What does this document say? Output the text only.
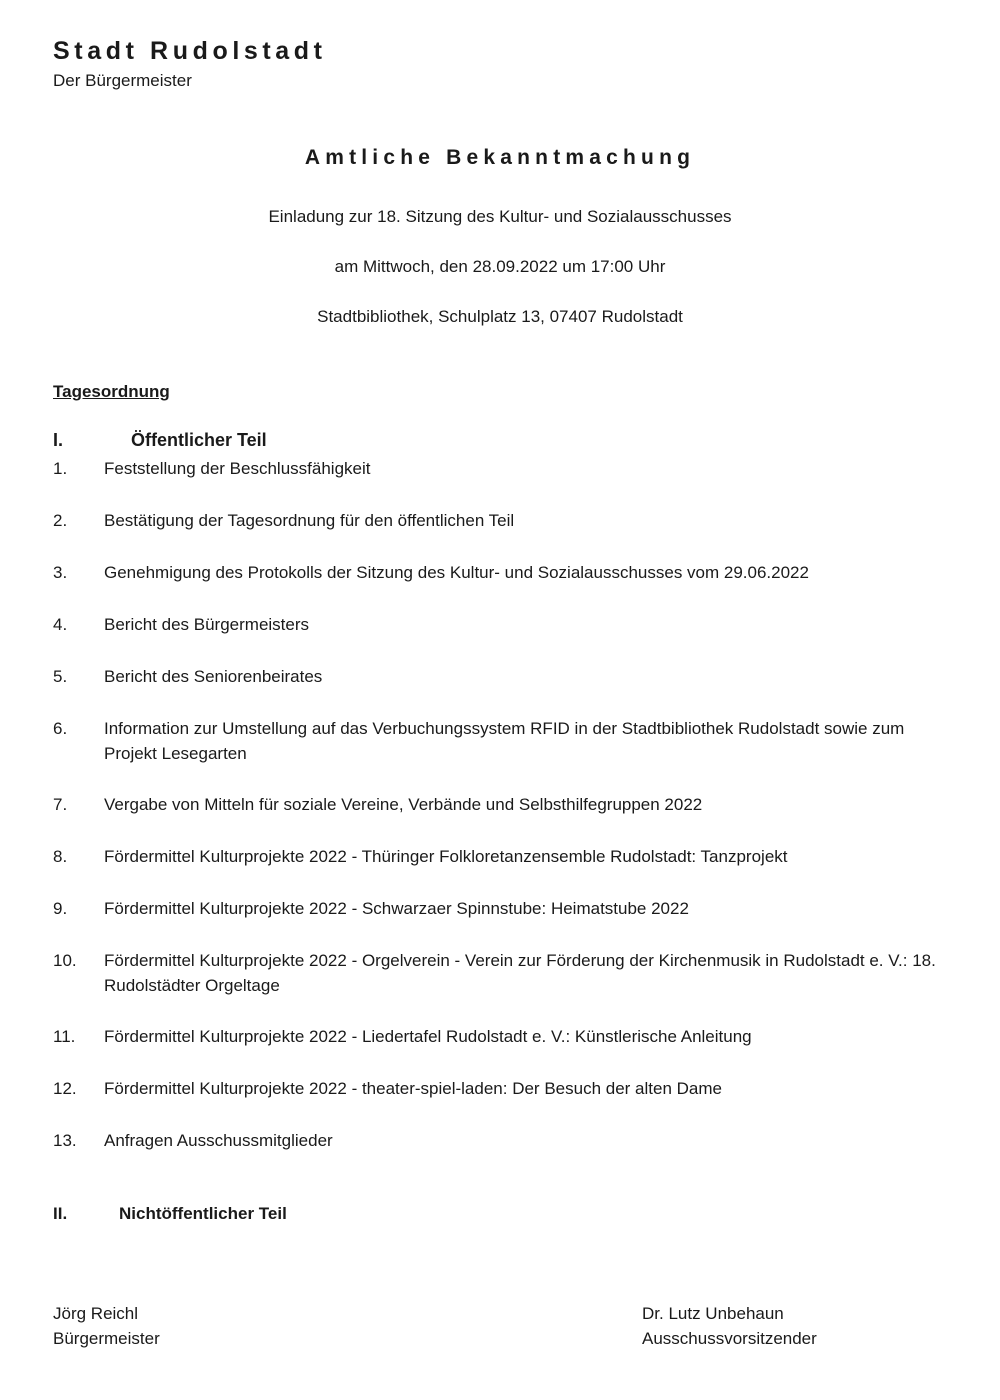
Stadt Rudolstadt
Der Bürgermeister
Amtliche Bekanntmachung
Einladung zur 18. Sitzung des Kultur- und Sozialausschusses
am Mittwoch, den 28.09.2022 um 17:00 Uhr
Stadtbibliothek, Schulplatz 13, 07407 Rudolstadt
Tagesordnung
I.	Öffentlicher Teil
1. Feststellung der Beschlussfähigkeit
2. Bestätigung der Tagesordnung für den öffentlichen Teil
3. Genehmigung des Protokolls der Sitzung des Kultur- und Sozialausschusses vom 29.06.2022
4. Bericht des Bürgermeisters
5. Bericht des Seniorenbeirates
6. Information zur Umstellung auf das Verbuchungssystem RFID in der Stadtbibliothek Rudolstadt sowie zum Projekt Lesegarten
7. Vergabe von Mitteln für soziale Vereine, Verbände und Selbsthilfegruppen 2022
8. Fördermittel Kulturprojekte 2022 - Thüringer Folkloretanzensemble Rudolstadt: Tanzprojekt
9. Fördermittel Kulturprojekte 2022 - Schwarzaer Spinnstube: Heimatstube 2022
10. Fördermittel Kulturprojekte 2022 - Orgelverein - Verein zur Förderung der Kirchenmusik in Rudolstadt e. V.: 18. Rudolstädter Orgeltage
11. Fördermittel Kulturprojekte 2022 - Liedertafel Rudolstadt e. V.: Künstlerische Anleitung
12. Fördermittel Kulturprojekte 2022 - theater-spiel-laden: Der Besuch der alten Dame
13. Anfragen Ausschussmitglieder
II.	Nichtöffentlicher Teil
Jörg Reichl
Bürgermeister
Dr. Lutz Unbehaun
Ausschussvorsitzender
